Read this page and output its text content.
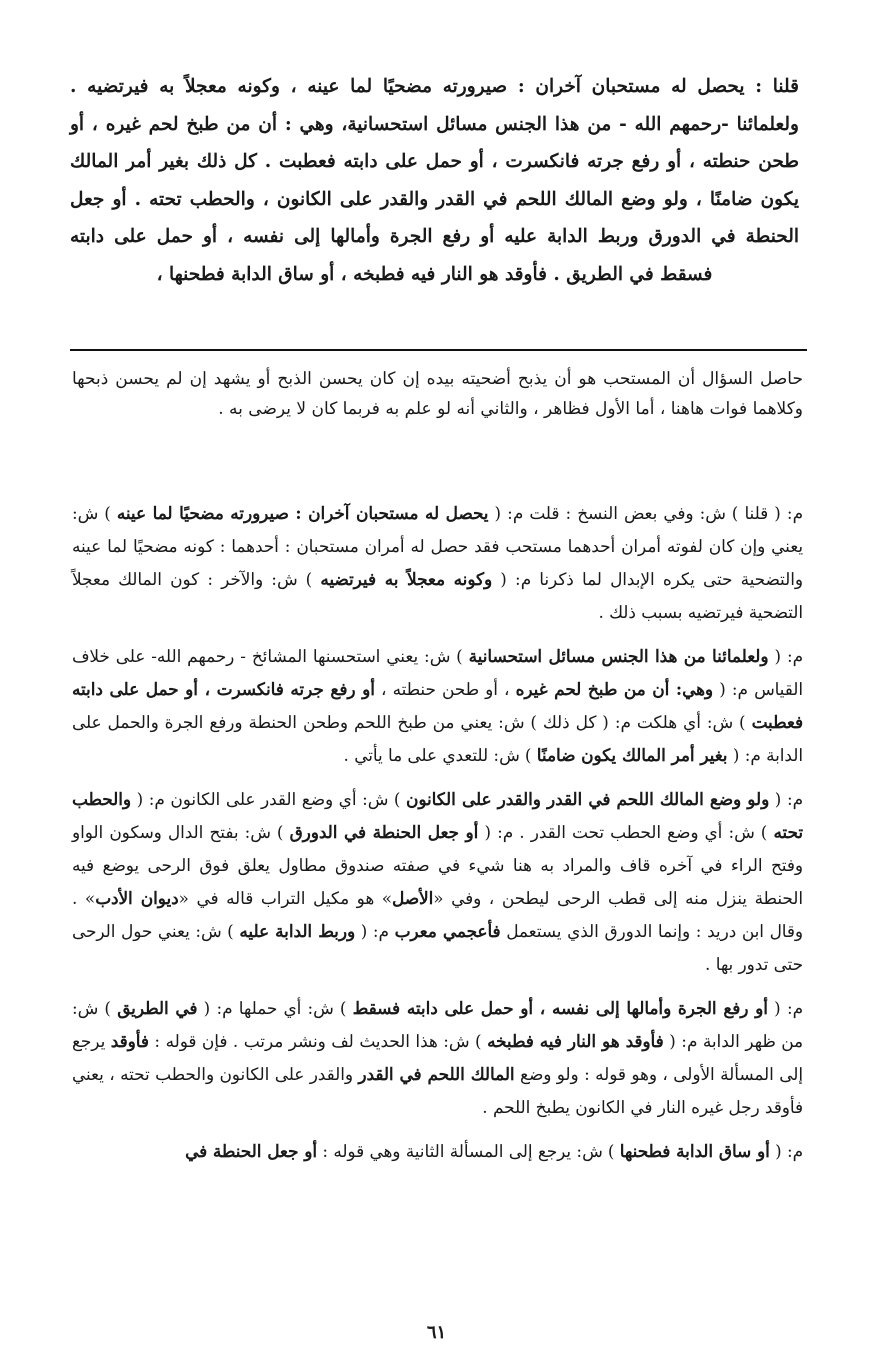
قلنا : يحصل له مستحبان آخران : صيرورته مضحيًا لما عينه ، وكونه معجلاً به فيرتضيه . ولعلمائنا -رحمهم الله - من هذا الجنس مسائل استحسانية، وهي : أن من طبخ لحم غيره ، أو طحن حنطته ، أو رفع جرته فانكسرت ، أو حمل على دابته فعطبت . كل ذلك بغير أمر المالك يكون ضامنًا ، ولو وضع المالك اللحم في القدر والقدر على الكانون ، والحطب تحته . أو جعل الحنطة في الدورق وربط الدابة عليه أو رفع الجرة وأمالها إلى نفسه ، أو حمل على دابته فسقط في الطريق . فأوقد هو النار فيه فطبخه ، أو ساق الدابة فطحنها ،

حاصل السؤال أن المستحب هو أن يذبح أضحيته بيده إن كان يحسن الذبح أو يشهد إن لم يحسن ذبحها وكلاهما فوات هاهنا ، أما الأول فظاهر ، والثاني أنه لو علم به فربما كان لا يرضى به .

م: ( قلنا ) ش: وفي بعض النسخ : قلت م: ( يحصل له مستحبان آخران : صيرورته مضحيًا لما عينه ) ش: يعني وإن كان لفوته أمران أحدهما مستحب فقد حصل له أمران مستحبان : أحدهما : كونه مضحيًا لما عينه والتضحية حتى يكره الإبدال لما ذكرنا م: ( وكونه معجلاً به فيرتضيه ) ش: والآخر : كون المالك معجلاً التضحية فيرتضيه بسبب ذلك .

م: ( ولعلمائنا من هذا الجنس مسائل استحسانية ) ش: يعني استحسنها المشائخ - رحمهم الله- على خلاف القياس م: ( وهي: أن من طبخ لحم غيره ، أو طحن حنطته ، أو رفع جرته فانكسرت ، أو حمل على دابته فعطبت ) ش: أي هلكت م: ( كل ذلك ) ش: يعني من طبخ اللحم وطحن الحنطة ورفع الجرة والحمل على الدابة م: ( بغير أمر المالك يكون ضامنًا ) ش: للتعدي على ما يأتي .

م: ( ولو وضع المالك اللحم في القدر والقدر على الكانون ) ش: أي وضع القدر على الكانون م: ( والحطب تحته ) ش: أي وضع الحطب تحت القدر . م: ( أو جعل الحنطة في الدورق ) ش: بفتح الدال وسكون الواو وفتح الراء في آخره قاف والمراد به هنا شيء في صفته صندوق مطاول يعلق فوق الرحى يوضع فيه الحنطة ينزل منه إلى قطب الرحى ليطحن ، وفي «الأصل» هو مكيل التراب قاله في «ديوان الأدب» . وقال ابن دريد : وإنما الدورق الذي يستعمل فأعجمي معرب م: ( وربط الدابة عليه ) ش: يعني حول الرحى حتى تدور بها .

م: ( أو رفع الجرة وأمالها إلى نفسه ، أو حمل على دابته فسقط ) ش: أي حملها م: ( في الطريق ) ش: من ظهر الدابة م: ( فأوقد هو النار فيه فطبخه ) ش: هذا الحديث لف ونشر مرتب . فإن قوله : فأوقد يرجع إلى المسألة الأولى ، وهو قوله : ولو وضع المالك اللحم في القدر والقدر على الكانون والحطب تحته ، يعني فأوقد رجل غيره النار في الكانون يطبخ اللحم .

م: ( أو ساق الدابة فطحنها ) ش: يرجع إلى المسألة الثانية وهي قوله : أو جعل الحنطة في

٦١
